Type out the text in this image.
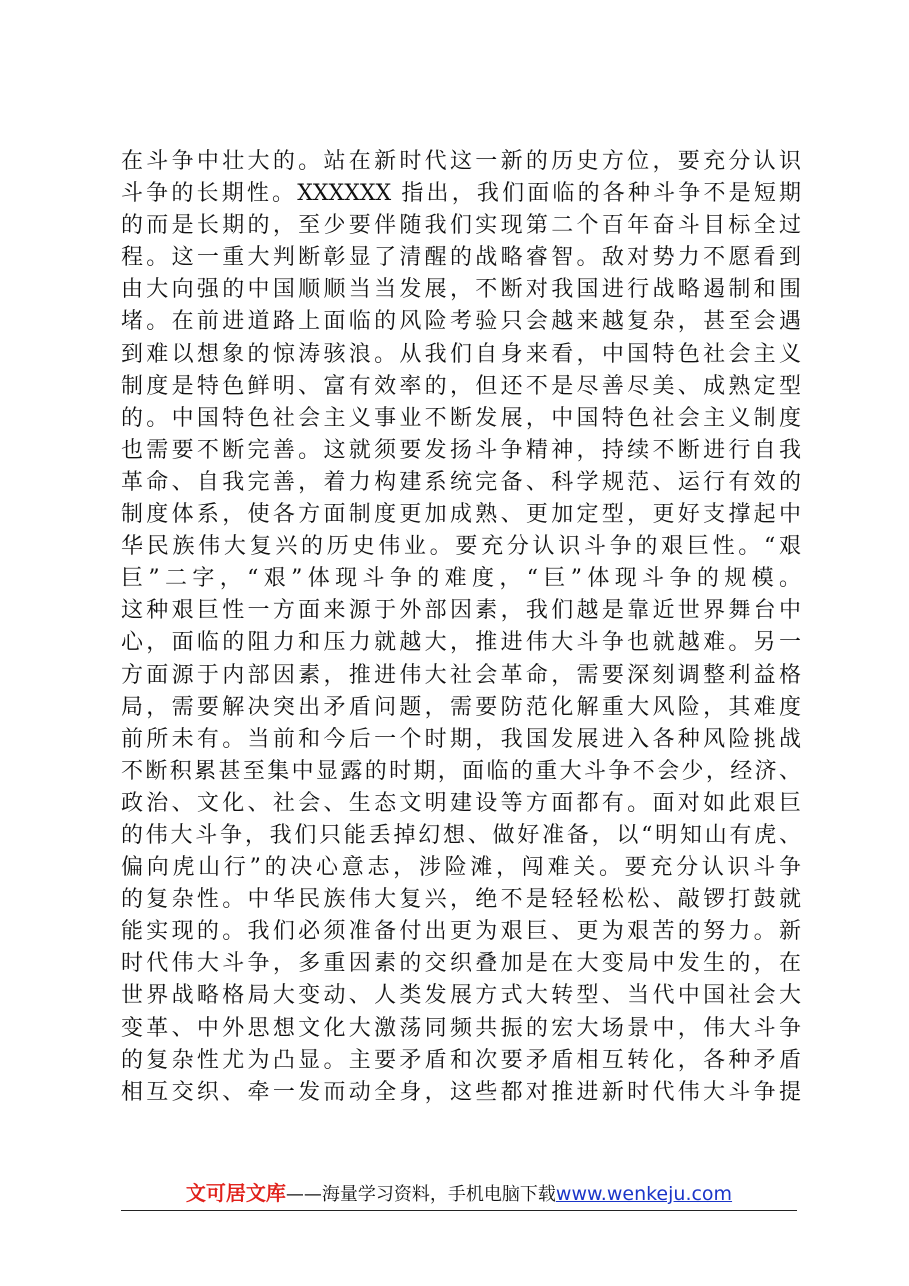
在斗争中壮大的。站在新时代这一新的历史方位，要充分认识
斗争的长期性。XXXXXX 指出，我们面临的各种斗争不是短期
的而是长期的，至少要伴随我们实现第二个百年奋斗目标全过
程。这一重大判断彰显了清醒的战略睿智。敌对势力不愿看到
由大向强的中国顺顺当当发展，不断对我国进行战略遏制和围
堵。在前进道路上面临的风险考验只会越来越复杂，甚至会遇
到难以想象的惊涛骇浪。从我们自身来看，中国特色社会主义
制度是特色鲜明、富有效率的，但还不是尽善尽美、成熟定型
的。中国特色社会主义事业不断发展，中国特色社会主义制度
也需要不断完善。这就须要发扬斗争精神，持续不断进行自我
革命、自我完善，着力构建系统完备、科学规范、运行有效的
制度体系，使各方面制度更加成熟、更加定型，更好支撑起中
华民族伟大复兴的历史伟业。要充分认识斗争的艰巨性。“艰
巨”二字，“艰”体现斗争的难度，“巨”体现斗争的规模。
这种艰巨性一方面来源于外部因素，我们越是靠近世界舞台中
心，面临的阻力和压力就越大，推进伟大斗争也就越难。另一
方面源于内部因素，推进伟大社会革命，需要深刻调整利益格
局，需要解决突出矛盾问题，需要防范化解重大风险，其难度
前所未有。当前和今后一个时期，我国发展进入各种风险挑战
不断积累甚至集中显露的时期，面临的重大斗争不会少，经济、
政治、文化、社会、生态文明建设等方面都有。面对如此艰巨
的伟大斗争，我们只能丢掉幻想、做好准备，以“明知山有虎、
偏向虎山行”的决心意志，涉险滩，闯难关。要充分认识斗争
的复杂性。中华民族伟大复兴，绝不是轻轻松松、敲锣打鼓就
能实现的。我们必须准备付出更为艰巨、更为艰苦的努力。新
时代伟大斗争，多重因素的交织叠加是在大变局中发生的，在
世界战略格局大变动、人类发展方式大转型、当代中国社会大
变革、中外思想文化大激荡同频共振的宏大场景中，伟大斗争
的复杂性尤为凸显。主要矛盾和次要矛盾相互转化，各种矛盾
相互交织、牵一发而动全身，这些都对推进新时代伟大斗争提
文可居文库——海量学习资料，手机电脑下载www.wenkeju.com
